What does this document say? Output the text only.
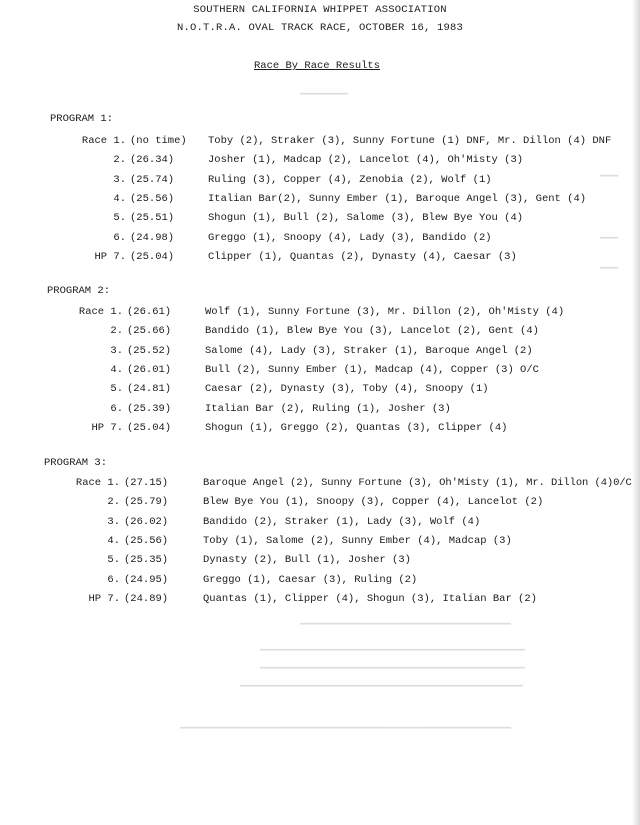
▁▁▁▁▁▁▁▁
▁▁▁
▁▁▁
▁▁▁
▁▁▁▁▁▁▁▁▁▁▁▁▁▁▁▁▁▁▁▁▁▁▁▁▁▁▁▁▁▁▁▁▁▁▁
▁▁▁▁▁▁▁▁▁▁▁▁▁▁▁▁▁▁▁▁▁▁▁▁▁▁▁▁▁▁▁▁▁▁▁▁▁▁▁▁▁▁▁▁
▁▁▁▁▁▁▁▁▁▁▁▁▁▁▁▁▁▁▁▁▁▁▁▁▁▁▁▁▁▁▁▁▁▁▁▁▁▁▁▁▁▁▁▁
▁▁▁▁▁▁▁▁▁▁▁▁▁▁▁▁▁▁▁▁▁▁▁▁▁▁▁▁▁▁▁▁▁▁▁▁▁▁▁▁▁▁▁▁▁▁▁
▁▁▁▁▁▁▁▁▁▁▁▁▁▁▁▁▁▁▁▁▁▁▁▁▁▁▁▁▁▁▁▁▁▁▁▁▁▁▁▁▁▁▁▁▁▁▁▁▁▁▁▁▁▁▁
SOUTHERN CALIFORNIA WHIPPET ASSOCIATION
N.O.T.R.A. OVAL TRACK RACE, OCTOBER 16, 1983
Race By Race Results
PROGRAM 1:
Race 1. (no time) Toby (2), Straker (3), Sunny Fortune (1) DNF, Mr. Dillon (4) DNF
2. (26.34)	Josher (1), Madcap (2), Lancelot (4), Oh'Misty (3)
3. (25.74)	Ruling (3), Copper (4), Zenobia (2), Wolf (1)
4. (25.56)	Italian Bar(2), Sunny Ember (1), Baroque Angel (3), Gent (4)
5. (25.51)	Shogun (1), Bull (2), Salome (3), Blew Bye You (4)
6. (24.98)	Greggo (1), Snoopy (4), Lady (3), Bandido (2)
HP 7. (25.04)	Clipper (1), Quantas (2), Dynasty (4), Caesar (3)
PROGRAM 2:
Race 1. (26.61)	Wolf (1), Sunny Fortune (3), Mr. Dillon (2), Oh'Misty (4)
2. (25.66)	Bandido (1), Blew Bye You (3), Lancelot (2), Gent (4)
3. (25.52)	Salome (4), Lady (3), Straker (1), Baroque Angel (2)
4. (26.01)	Bull (2), Sunny Ember (1), Madcap (4), Copper (3) O/C
5. (24.81)	Caesar (2), Dynasty (3), Toby (4), Snoopy (1)
6. (25.39)	Italian Bar (2), Ruling (1), Josher (3)
HP 7. (25.04)	Shogun (1), Greggo (2), Quantas (3), Clipper (4)
PROGRAM 3:
Race 1. (27.15)	Baroque Angel (2), Sunny Fortune (3), Oh'Misty (1), Mr. Dillon (4)0/C
2. (25.79)	Blew Bye You (1), Snoopy (3), Copper (4), Lancelot (2)
3. (26.02)	Bandido (2), Straker (1), Lady (3), Wolf (4)
4. (25.56)	Toby (1), Salome (2), Sunny Ember (4), Madcap (3)
5. (25.35)	Dynasty (2), Bull (1), Josher (3)
6. (24.95)	Greggo (1), Caesar (3), Ruling (2)
HP 7. (24.89)	Quantas (1), Clipper (4), Shogun (3), Italian Bar (2)
